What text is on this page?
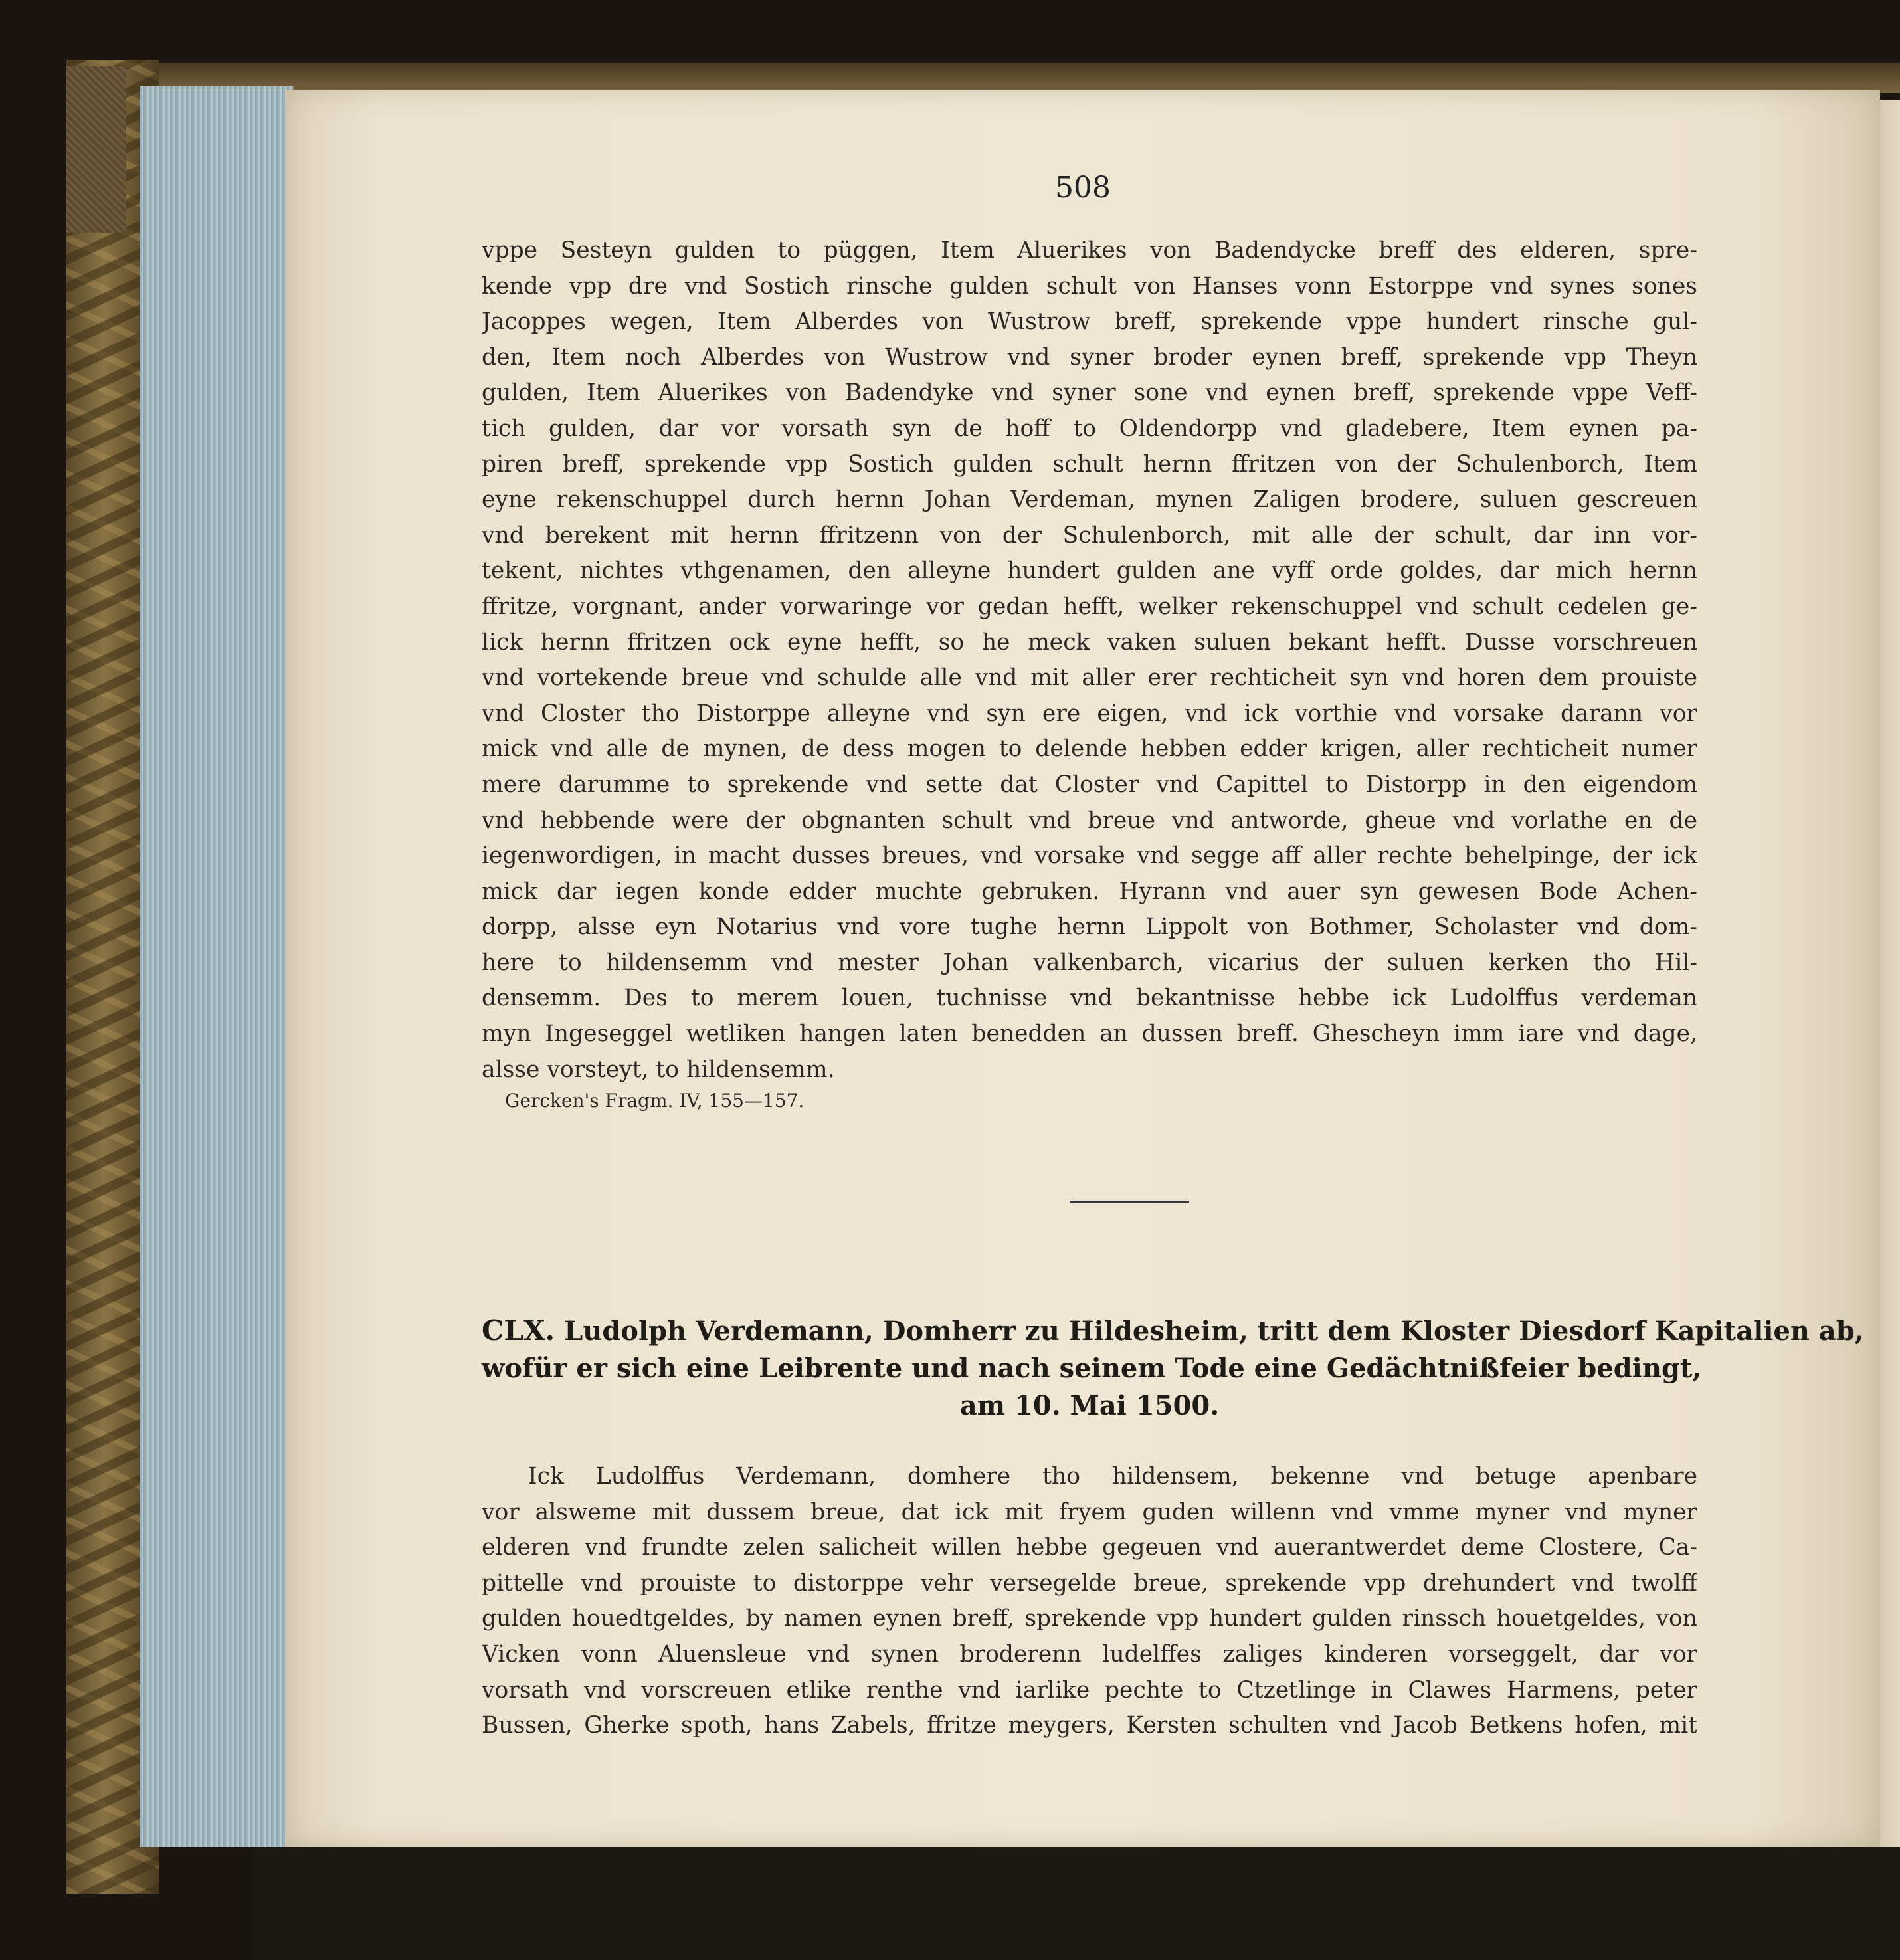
508
vppe Sesteyn gulden to püggen, Item Aluerikes von Badendycke breff des elderen, spre-
kende vpp dre vnd Sostich rinsche gulden schult von Hanses vonn Estorppe vnd synes sones
Jacoppes wegen, Item Alberdes von Wustrow breff, sprekende vppe hundert rinsche gul-
den, Item noch Alberdes von Wustrow vnd syner broder eynen breff, sprekende vpp Theyn
gulden, Item Aluerikes von Badendyke vnd syner sone vnd eynen breff, sprekende vppe Veff-
tich gulden, dar vor vorsath syn de hoff to Oldendorpp vnd gladebere, Item eynen pa-
piren breff, sprekende vpp Sostich gulden schult hernn ffritzen von der Schulenborch, Item
eyne rekenschuppel durch hernn Johan Verdeman, mynen Zaligen brodere, suluen gescreuen
vnd berekent mit hernn ffritzenn von der Schulenborch, mit alle der schult, dar inn vor-
tekent, nichtes vthgenamen, den alleyne hundert gulden ane vyff orde goldes, dar mich hernn
ffritze, vorgnant, ander vorwaringe vor gedan hefft, welker rekenschuppel vnd schult cedelen ge-
lick hernn ffritzen ock eyne hefft, so he meck vaken suluen bekant hefft. Dusse vorschreuen
vnd vortekende breue vnd schulde alle vnd mit aller erer rechticheit syn vnd horen dem prouiste
vnd Closter tho Distorppe alleyne vnd syn ere eigen, vnd ick vorthie vnd vorsake darann vor
mick vnd alle de mynen, de dess mogen to delende hebben edder krigen, aller rechticheit numer
mere darumme to sprekende vnd sette dat Closter vnd Capittel to Distorpp in den eigendom
vnd hebbende were der obgnanten schult vnd breue vnd antworde, gheue vnd vorlathe en de
iegenwordigen, in macht dusses breues, vnd vorsake vnd segge aff aller rechte behelpinge, der ick
mick dar iegen konde edder muchte gebruken. Hyrann vnd auer syn gewesen Bode Achen-
dorpp, alsse eyn Notarius vnd vore tughe hernn Lippolt von Bothmer, Scholaster vnd dom-
here to hildensemm vnd mester Johan valkenbarch, vicarius der suluen kerken tho Hil-
densemm. Des to merem louen, tuchnisse vnd bekantnisse hebbe ick Ludolffus verdeman
myn Ingeseggel wetliken hangen laten benedden an dussen breff. Ghescheyn imm iare vnd dage,
alsse vorsteyt, to hildensemm.
Gercken's Fragm. IV, 155—157.
CLX. Ludolph Verdemann, Domherr zu Hildesheim, tritt dem Kloster Diesdorf Kapitalien ab,
wofür er sich eine Leibrente und nach seinem Tode eine Gedächtnißfeier bedingt,
am 10. Mai 1500.
Ick Ludolffus Verdemann, domhere tho hildensem, bekenne vnd betuge apenbare
vor alsweme mit dussem breue, dat ick mit fryem guden willenn vnd vmme myner vnd myner
elderen vnd frundte zelen salicheit willen hebbe gegeuen vnd auerantwerdet deme Clostere, Ca-
pittelle vnd prouiste to distorppe vehr versegelde breue, sprekende vpp drehundert vnd twolff
gulden houedtgeldes, by namen eynen breff, sprekende vpp hundert gulden rinssch houetgeldes, von
Vicken vonn Aluensleue vnd synen broderenn ludelffes zaliges kinderen vorseggelt, dar vor
vorsath vnd vorscreuen etlike renthe vnd iarlike pechte to Ctzetlinge in Clawes Harmens, peter
Bussen, Gherke spoth, hans Zabels, ffritze meygers, Kersten schulten vnd Jacob Betkens hofen, mit
